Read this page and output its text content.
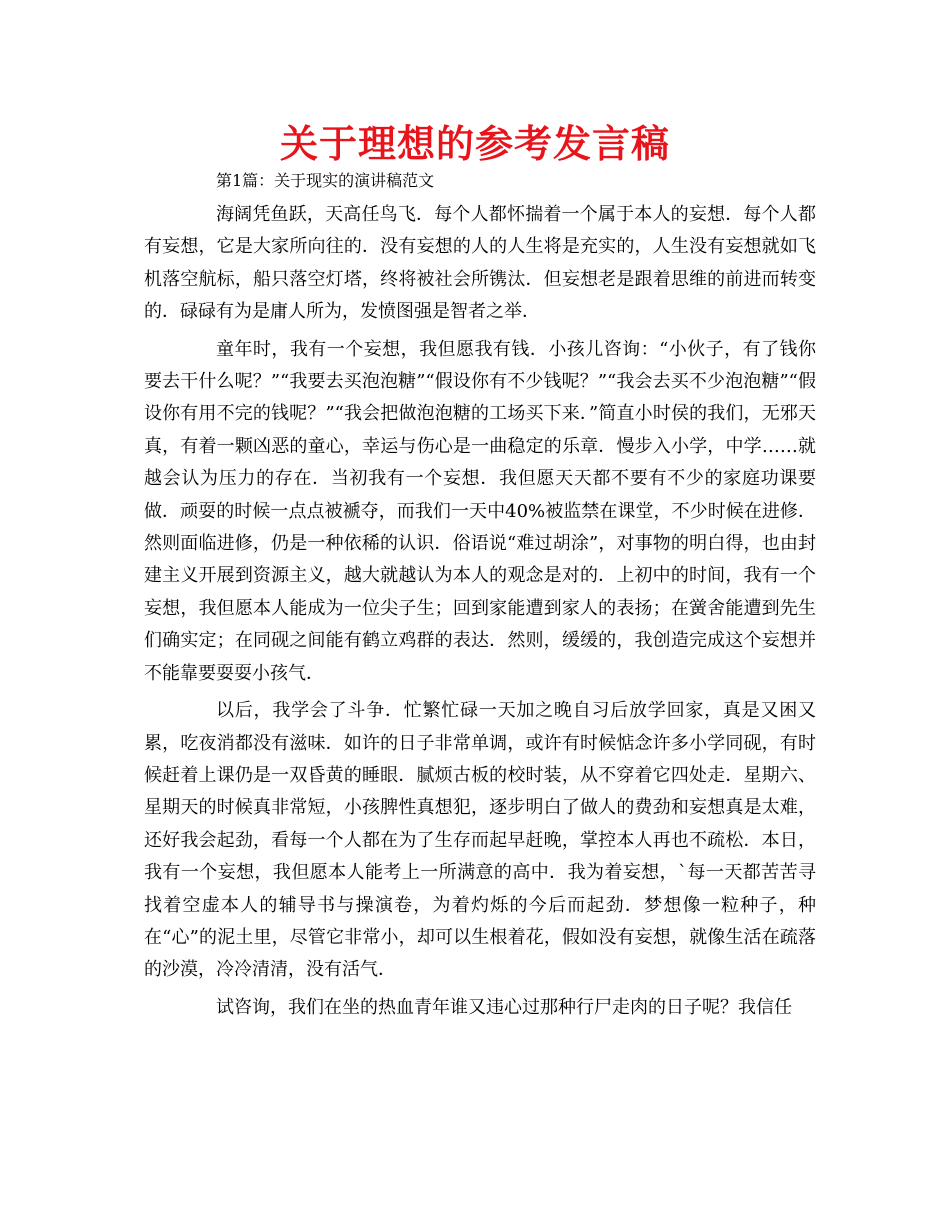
关于理想的参考发言稿
第1篇：关于现实的演讲稿范文

海阔凭鱼跃，天高任鸟飞．每个人都怀揣着一个属于本人的妄想．每个人都有妄想，它是大家所向往的．没有妄想的人的人生将是充实的，人生没有妄想就如飞机落空航标，船只落空灯塔，终将被社会所镌汰．但妄想老是跟着思维的前进而转变的．碌碌有为是庸人所为，发愤图强是智者之举．

童年时，我有一个妄想，我但愿我有钱．小孩儿咨询：“小伙子，有了钱你要去干什么呢？”“我要去买泡泡糖”“假设你有不少钱呢？”“我会去买不少泡泡糖”“假设你有用不完的钱呢？”“我会把做泡泡糖的工场买下来．”简直小时侯的我们，无邪天真，有着一颗凶恶的童心，幸运与伤心是一曲稳定的乐章．慢步入小学，中学……就越会认为压力的存在．当初我有一个妄想．我但愿天天都不要有不少的家庭功课要做．顽耍的时候一点点被褫夺，而我们一天中40%被监禁在课堂，不少时候在进修．然则面临进修，仍是一种依稀的认识．俗语说“难过胡涂”，对事物的明白得，也由封建主义开展到资源主义，越大就越认为本人的观念是对的．上初中的时间，我有一个妄想，我但愿本人能成为一位尖子生；回到家能遭到家人的表扬；在黉舍能遭到先生们确实定；在同砚之间能有鹤立鸡群的表达．然则，缓缓的，我创造完成这个妄想并不能靠要耍耍小孩气．

以后，我学会了斗争．忙繁忙碌一天加之晚自习后放学回家，真是又困又累，吃夜消都没有滋味．如许的日子非常单调，或许有时候惦念许多小学同砚，有时候赶着上课仍是一双昏黄的睡眼．腻烦古板的校时装，从不穿着它四处走．星期六、星期天的时候真非常短，小孩脾性真想犯，逐步明白了做人的费劲和妄想真是太难，还好我会起劲，看每一个人都在为了生存而起早赶晚，掌控本人再也不疏松．本日，我有一个妄想，我但愿本人能考上一所满意的高中．我为着妄想，`每一天都苦苦寻找着空虚本人的辅导书与操演卷，为着灼烁的今后而起劲．梦想像一粒种子，种在“心”的泥土里，尽管它非常小，却可以生根着花，假如没有妄想，就像生活在疏落的沙漠，冷冷清清，没有活气．

试咨询，我们在坐的热血青年谁又违心过那种行尸走肉的日子呢？我信任
